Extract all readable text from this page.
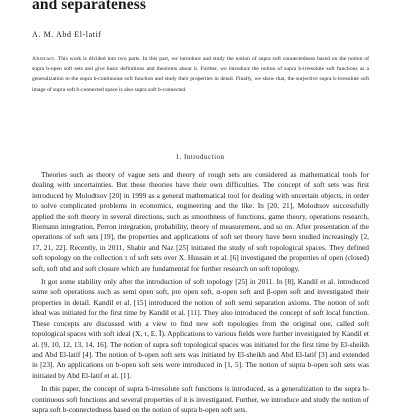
and separateness
A. M. Abd El-latif
Abstract. This work is divided into two parts. In this part, we introduce and study the notion of supra soft connectedness based on the notion of supra b-open soft sets and give basic definitions and theorems about it. Further, we introduce the notion of supra b-irresolute soft functions as a generalization to the supra b-continuous soft function and study their properties in detail. Finally, we show that, the surjective supra b-irresolute soft image of supra soft b-connected space is also supra soft b-connected.
1. Introduction

Theories such as theory of vague sets and theory of rough sets are considered as mathematical tools for dealing with uncertainties. But these theories have their own difficulties. The concept of soft sets was first introduced by Molodtsov [20] in 1999 as a general mathematical tool for dealing with uncertain objects, in order to solve complicated problems in economics, engineering and the like. In [20, 21], Molodtsov successfully applied the soft theory in several directions, such as smoothness of functions, game theory, operations research, Riemann integration, Perron integration, probability, theory of measurement, and so on. After presentation of the operations of soft sets [19], the properties and applications of soft set theory have been studied increasingly [2, 17, 21, 22]. Recently, in 2011, Shabir and Naz [25] initiated the study of soft topological spaces. They defined soft topology on the collection τ of soft sets over X. Hussain et al. [6] investigated the properties of open (closed) soft, soft nbd and soft closure which are fundamental for further research on soft topology.

It got some stability only after the introduction of soft topology [25] in 2011. In [8], Kandil et al. introduced some soft operations such as semi open soft, pre open soft, α-open soft and β-open soft and investigated their properties in detail. Kandil et al. [15] introduced the notion of soft semi separation axioms. The notion of soft ideal was initiated for the first time by Kandil et al. [11]. They also introduced the concept of soft local function. These concepts are discussed with a view to find new soft topologies from the original one, called soft topological spaces with soft ideal (X, τ, E, Ĩ). Applications to various fields were further investigated by Kandil et al. [9, 10, 12, 13, 14, 16]. The notion of supra soft topological spaces was initiated for the first time by El-sheikh and Abd El-latif [4]. The notion of b-open soft sets was initiated by El-sheikh and Abd El-latif [3] and extended in [23]. An applications on b-open soft sets were introduced in [1, 5]. The notion of supra b-open soft sets was initiated by Abd El-latif et al. [1].

In this paper, the concept of supra b-irresolute soft functions is introduced, as a generalization to the supra b-continuous soft functions and several properties of it is investigated. Further, we introduce and study the notion of supra soft b-connectedness based on the notion of supra b-open soft sets.
